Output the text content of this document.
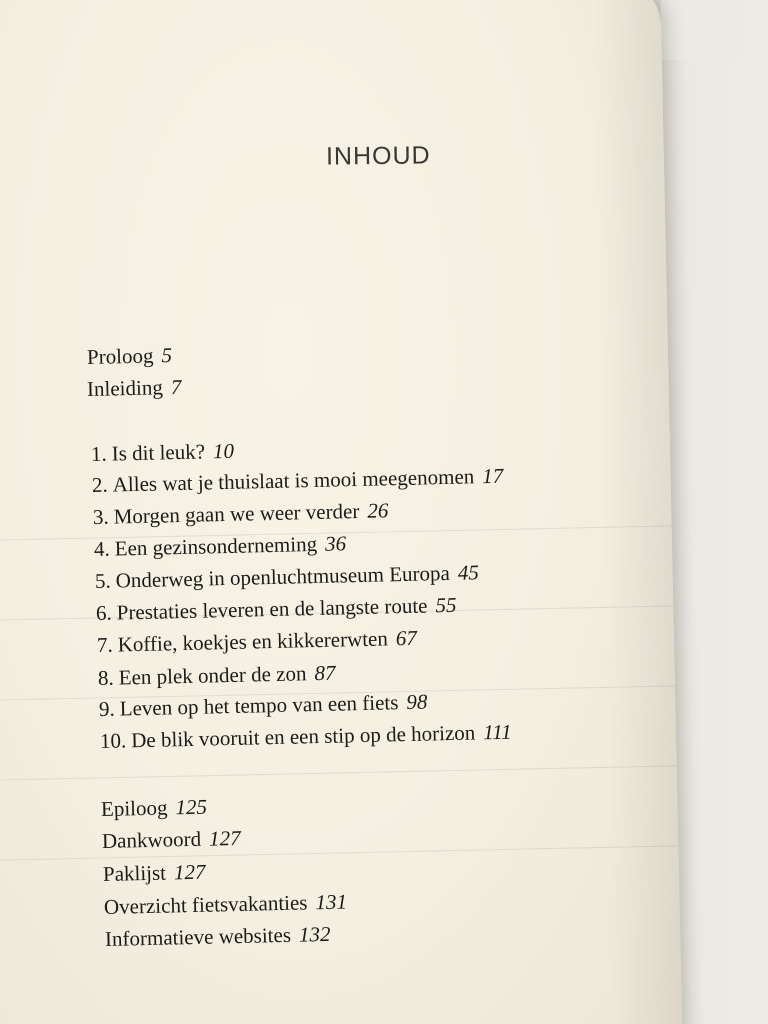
INHOUD
Proloog 5
Inleiding 7
1. Is dit leuk? 10
2. Alles wat je thuislaat is mooi meegenomen 17
3. Morgen gaan we weer verder 26
4. Een gezinsonderneming 36
5. Onderweg in openluchtmuseum Europa 45
6. Prestaties leveren en de langste route 55
7. Koffie, koekjes en kikkererwten 67
8. Een plek onder de zon 87
9. Leven op het tempo van een fiets 98
10. De blik vooruit en een stip op de horizon 111
Epiloog 125
Dankwoord 127
Paklijst 127
Overzicht fietsvakanties 131
Informatieve websites 132
